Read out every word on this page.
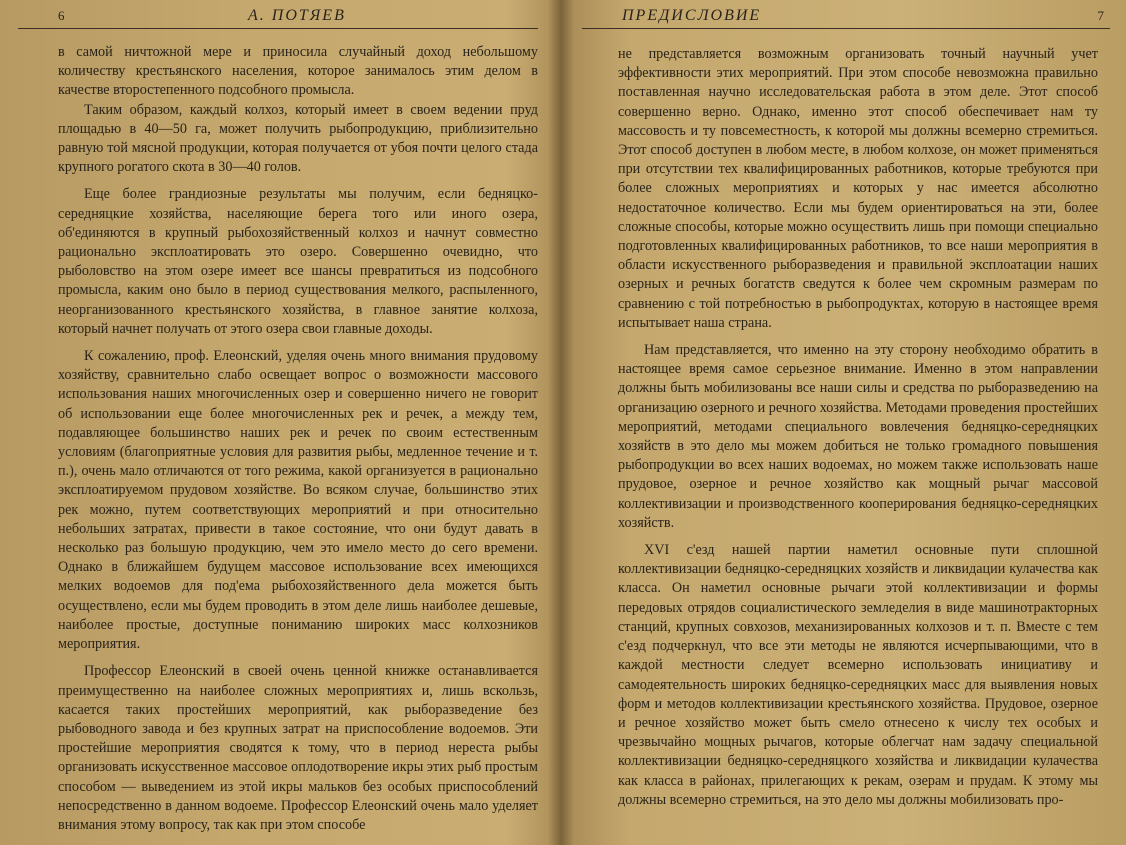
6	А. ПОТЯЕВ

в самой ничтожной мере и приносила случайный доход небольшому количеству крестьянского населения, которое занималось этим делом в качестве второстепенного подсобного промысла.

Таким образом, каждый колхоз, который имеет в своем ведении пруд площадью в 40—50 га, может получить рыбопродукцию, приблизительно равную той мясной продукции, которая получается от убоя почти целого стада крупного рогатого скота в 30—40 голов.

Еще более грандиозные результаты мы получим, если бедняцко-середняцкие хозяйства, населяющие берега того или иного озера, об'единяются в крупный рыбохозяйственный колхоз и начнут совместно рационально эксплоатировать это озеро. Совершенно очевидно, что рыболовство на этом озере имеет все шансы превратиться из подсобного промысла, каким оно было в период существования мелкого, распыленного, неорганизованного крестьянского хозяйства, в главное занятие колхоза, который начнет получать от этого озера свои главные доходы.

К сожалению, проф. Елеонский, уделяя очень много внимания прудовому хозяйству, сравнительно слабо освещает вопрос о возможности массового использования наших многочисленных озер и совершенно ничего не говорит об использовании еще более многочисленных рек и речек, а между тем, подавляющее большинство наших рек и речек по своим естественным условиям (благоприятные условия для развития рыбы, медленное течение и т. п.), очень мало отличаются от того режима, какой организуется в рационально эксплоатируемом прудовом хозяйстве. Во всяком случае, большинство этих рек можно, путем соответствующих мероприятий и при относительно небольших затратах, привести в такое состояние, что они будут давать в несколько раз большую продукцию, чем это имело место до сего времени. Однако в ближайшем будущем массовое использование всех имеющихся мелких водоемов для под'ема рыбохозяйственного дела можется быть осуществлено, если мы будем проводить в этом деле лишь наиболее дешевые, наиболее простые, доступные пониманию широких масс колхозников мероприятия.

Профессор Елеонский в своей очень ценной книжке останавливается преимущественно на наиболее сложных мероприятиях и, лишь вскользь, касается таких простейших мероприятий, как рыборазведение без рыбоводного завода и без крупных затрат на приспособление водоемов. Эти простейшие мероприятия сводятся к тому, что в период нереста рыбы организовать искусственное массовое оплодотворение икры этих рыб простым способом — выведением из этой икры мальков без особых приспособлений непосредственно в данном водоеме. Профессор Елеонский очень мало уделяет внимания этому вопросу, так как при этом способе

ПРЕДИСЛОВИЕ	7

не представляется возможным организовать точный научный учет эффективности этих мероприятий. При этом способе невозможна правильно поставленная научно исследовательская работа в этом деле. Этот способ совершенно верно. Однако, именно этот способ обеспечивает нам ту массовость и ту повсеместность, к которой мы должны всемерно стремиться. Этот способ доступен в любом месте, в любом колхозе, он может применяться при отсутствии тех квалифицированных работников, которые требуются при более сложных мероприятиях и которых у нас имеется абсолютно недостаточное количество. Если мы будем ориентироваться на эти, более сложные способы, которые можно осуществить лишь при помощи специально подготовленных квалифицированных работников, то все наши мероприятия в области искусственного рыборазведения и правильной эксплоатации наших озерных и речных богатств сведутся к более чем скромным размерам по сравнению с той потребностью в рыбопродуктах, которую в настоящее время испытывает наша страна.

Нам представляется, что именно на эту сторону необходимо обратить в настоящее время самое серьезное внимание. Именно в этом направлении должны быть мобилизованы все наши силы и средства по рыборазведению на организацию озерного и речного хозяйства. Методами проведения простейших мероприятий, методами специального вовлечения бедняцко-середняцких хозяйств в это дело мы можем добиться не только громадного повышения рыбопродукции во всех наших водоемах, но можем также использовать наше прудовое, озерное и речное хозяйство как мощный рычаг массовой коллективизации и производственного кооперирования бедняцко-середняцких хозяйств.

XVI с'езд нашей партии наметил основные пути сплошной коллективизации бедняцко-середняцких хозяйств и ликвидации кулачества как класса. Он наметил основные рычаги этой коллективизации и формы передовых отрядов социалистического земледелия в виде машинотракторных станций, крупных совхозов, механизированных колхозов и т. п. Вместе с тем с'езд подчеркнул, что все эти методы не являются исчерпывающими, что в каждой местности следует всемерно использовать инициативу и самодеятельность широких бедняцко-середняцких масс для выявления новых форм и методов коллективизации крестьянского хозяйства. Прудовое, озерное и речное хозяйство может быть смело отнесено к числу тех особых и чрезвычайно мощных рычагов, которые облегчат нам задачу специальной коллективизации бедняцко-середняцкого хозяйства и ликвидации кулачества как класса в районах, прилегающих к рекам, озерам и прудам. К этому мы должны всемерно стремиться, на это дело мы должны мобилизовать про-
